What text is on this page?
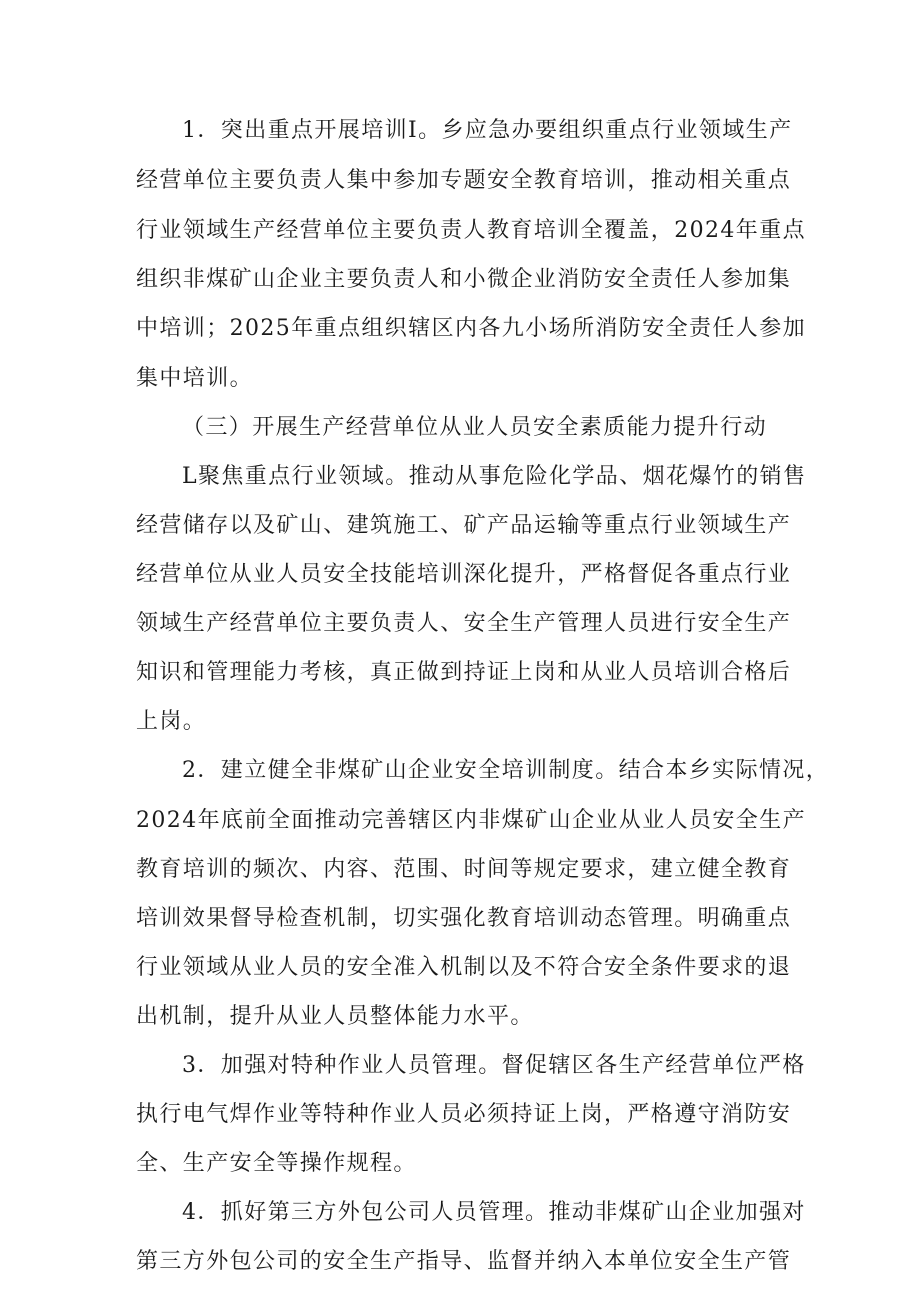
1．突出重点开展培训I。乡应急办要组织重点行业领域生产

经营单位主要负责人集中参加专题安全教育培训，推动相关重点

行业领域生产经营单位主要负责人教育培训全覆盖，2024年重点

组织非煤矿山企业主要负责人和小微企业消防安全责任人参加集

中培训；2025年重点组织辖区内各九小场所消防安全责任人参加

集中培训。

（三）开展生产经营单位从业人员安全素质能力提升行动

L聚焦重点行业领域。推动从事危险化学品、烟花爆竹的销售

经营储存以及矿山、建筑施工、矿产品运输等重点行业领域生产

经营单位从业人员安全技能培训深化提升，严格督促各重点行业

领域生产经营单位主要负责人、安全生产管理人员进行安全生产

知识和管理能力考核，真正做到持证上岗和从业人员培训合格后

上岗。

2．建立健全非煤矿山企业安全培训制度。结合本乡实际情况，

2024年底前全面推动完善辖区内非煤矿山企业从业人员安全生产

教育培训的频次、内容、范围、时间等规定要求，建立健全教育

培训效果督导检查机制，切实强化教育培训动态管理。明确重点

行业领域从业人员的安全准入机制以及不符合安全条件要求的退

出机制，提升从业人员整体能力水平。

3．加强对特种作业人员管理。督促辖区各生产经营单位严格

执行电气焊作业等特种作业人员必须持证上岗，严格遵守消防安

全、生产安全等操作规程。

4．抓好第三方外包公司人员管理。推动非煤矿山企业加强对

第三方外包公司的安全生产指导、监督并纳入本单位安全生产管
